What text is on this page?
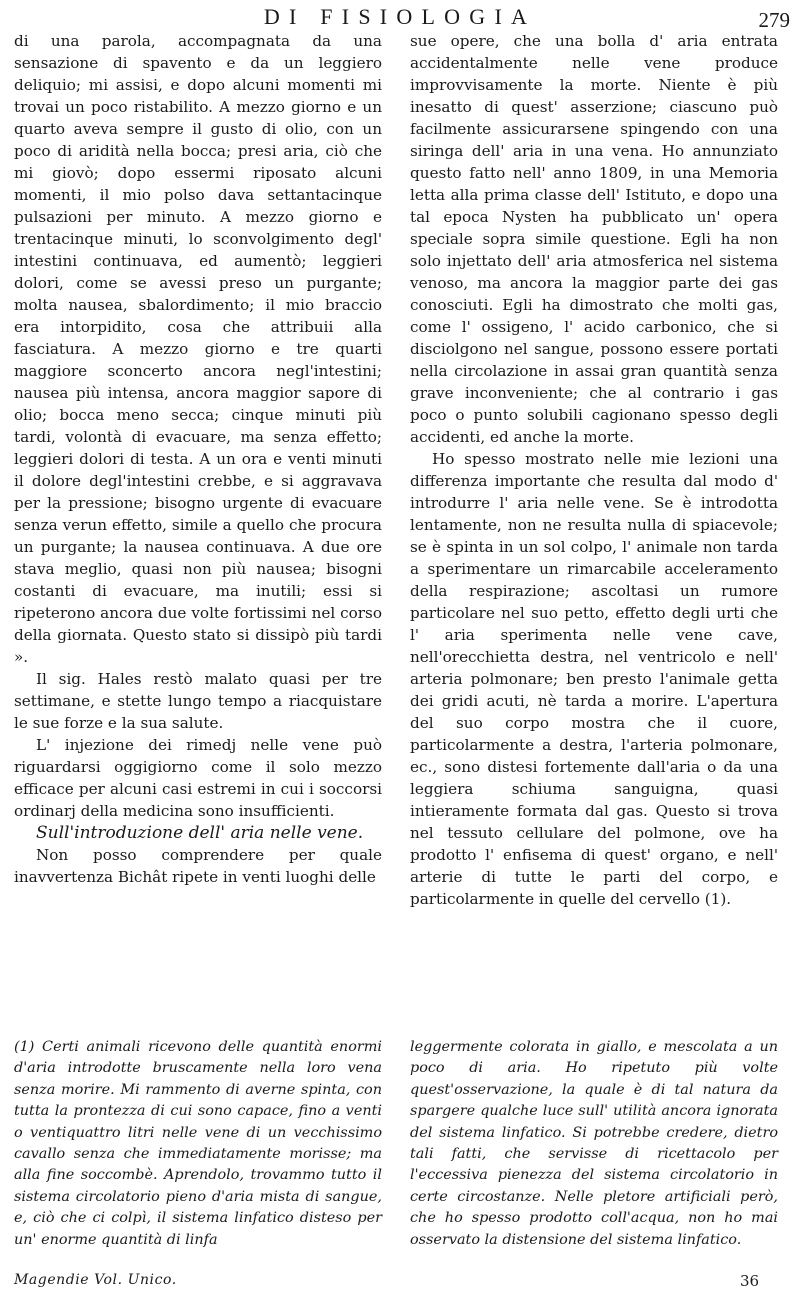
DI FISIOLOGIA	279

di una parola, accompagnata da una sensazione di spavento e da un leggiero deliquio; mi assisi, e dopo alcuni momenti mi trovai un poco ristabilito. A mezzo giorno e un quarto aveva sempre il gusto di olio, con un poco di aridità nella bocca; presi aria, ciò che mi giovò; dopo essermi riposato alcuni momenti, il mio polso dava settantacinque pulsazioni per minuto. A mezzo giorno e trentacinque minuti, lo sconvolgimento degl' intestini continuava, ed aumentò; leggieri dolori, come se avessi preso un purgante; molta nausea, sbalordimento; il mio braccio era intorpidito, cosa che attribuii alla fasciatura. A mezzo giorno e tre quarti maggiore sconcerto ancora negl'intestini; nausea più intensa, ancora maggior sapore di olio; bocca meno secca; cinque minuti più tardi, volontà di evacuare, ma senza effetto; leggieri dolori di testa. A un ora e venti minuti il dolore degl'intestini crebbe, e si aggravava per la pressione; bisogno urgente di evacuare senza verun effetto, simile a quello che procura un purgante; la nausea continuava. A due ore stava meglio, quasi non più nausea; bisogni costanti di evacuare, ma inutili; essi si ripeterono ancora due volte fortissimi nel corso della giornata. Questo stato si dissipò più tardi ».

Il sig. Hales restò malato quasi per tre settimane, e stette lungo tempo a riacquistare le sue forze e la sua salute.

L' injezione dei rimedj nelle vene può riguardarsi oggigiorno come il solo mezzo efficace per alcuni casi estremi in cui i soccorsi ordinarj della medicina sono insufficienti.

Sull'introduzione dell' aria nelle vene.

Non posso comprendere per quale inavvertenza Bichât ripete in venti luoghi delle

sue opere, che una bolla d' aria entrata accidentalmente nelle vene produce improvvisamente la morte. Niente è più inesatto di quest' asserzione; ciascuno può facilmente assicurarsene spingendo con una siringa dell' aria in una vena. Ho annunziato questo fatto nell' anno 1809, in una Memoria letta alla prima classe dell' Istituto, e dopo una tal epoca Nysten ha pubblicato un' opera speciale sopra simile questione. Egli ha non solo injettato dell' aria atmosferica nel sistema venoso, ma ancora la maggior parte dei gas conosciuti. Egli ha dimostrato che molti gas, come l' ossigeno, l' acido carbonico, che si disciolgono nel sangue, possono essere portati nella circolazione in assai gran quantità senza grave inconveniente; che al contrario i gas poco o punto solubili cagionano spesso degli accidenti, ed anche la morte.

Ho spesso mostrato nelle mie lezioni una differenza importante che resulta dal modo d' introdurre l' aria nelle vene. Se è introdotta lentamente, non ne resulta nulla di spiacevole; se è spinta in un sol colpo, l' animale non tarda a sperimentare un rimarcabile acceleramento della respirazione; ascoltasi un rumore particolare nel suo petto, effetto degli urti che l' aria sperimenta nelle vene cave, nell'orecchietta destra, nel ventricolo e nell' arteria polmonare; ben presto l'animale getta dei gridi acuti, nè tarda a morire. L'apertura del suo corpo mostra che il cuore, particolarmente a destra, l'arteria polmonare, ec., sono distesi fortemente dall'aria o da una leggiera schiuma sanguigna, quasi intieramente formata dal gas. Questo si trova nel tessuto cellulare del polmone, ove ha prodotto l' enfisema di quest' organo, e nell' arterie di tutte le parti del corpo, e particolarmente in quelle del cervello (1).

(1) Certi animali ricevono delle quantità enormi d'aria introdotte bruscamente nella loro vena senza morire. Mi rammento di averne spinta, con tutta la prontezza di cui sono capace, fino a venti o ventiquattro litri nelle vene di un vecchissimo cavallo senza che immediatamente morisse; ma alla fine soccombè. Aprendolo, trovammo tutto il sistema circolatorio pieno d'aria mista di sangue, e, ciò che ci colpì, il sistema linfatico disteso per un' enorme quantità di linfa

leggermente colorata in giallo, e mescolata a un poco di aria. Ho ripetuto più volte quest'osservazione, la quale è di tal natura da spargere qualche luce sull' utilità ancora ignorata del sistema linfatico. Si potrebbe credere, dietro tali fatti, che servisse di ricettacolo per l'eccessiva pienezza del sistema circolatorio in certe circostanze. Nelle pletore artificiali però, che ho spesso prodotto coll'acqua, non ho mai osservato la distensione del sistema linfatico.

Magendie Vol. Unico.	36
